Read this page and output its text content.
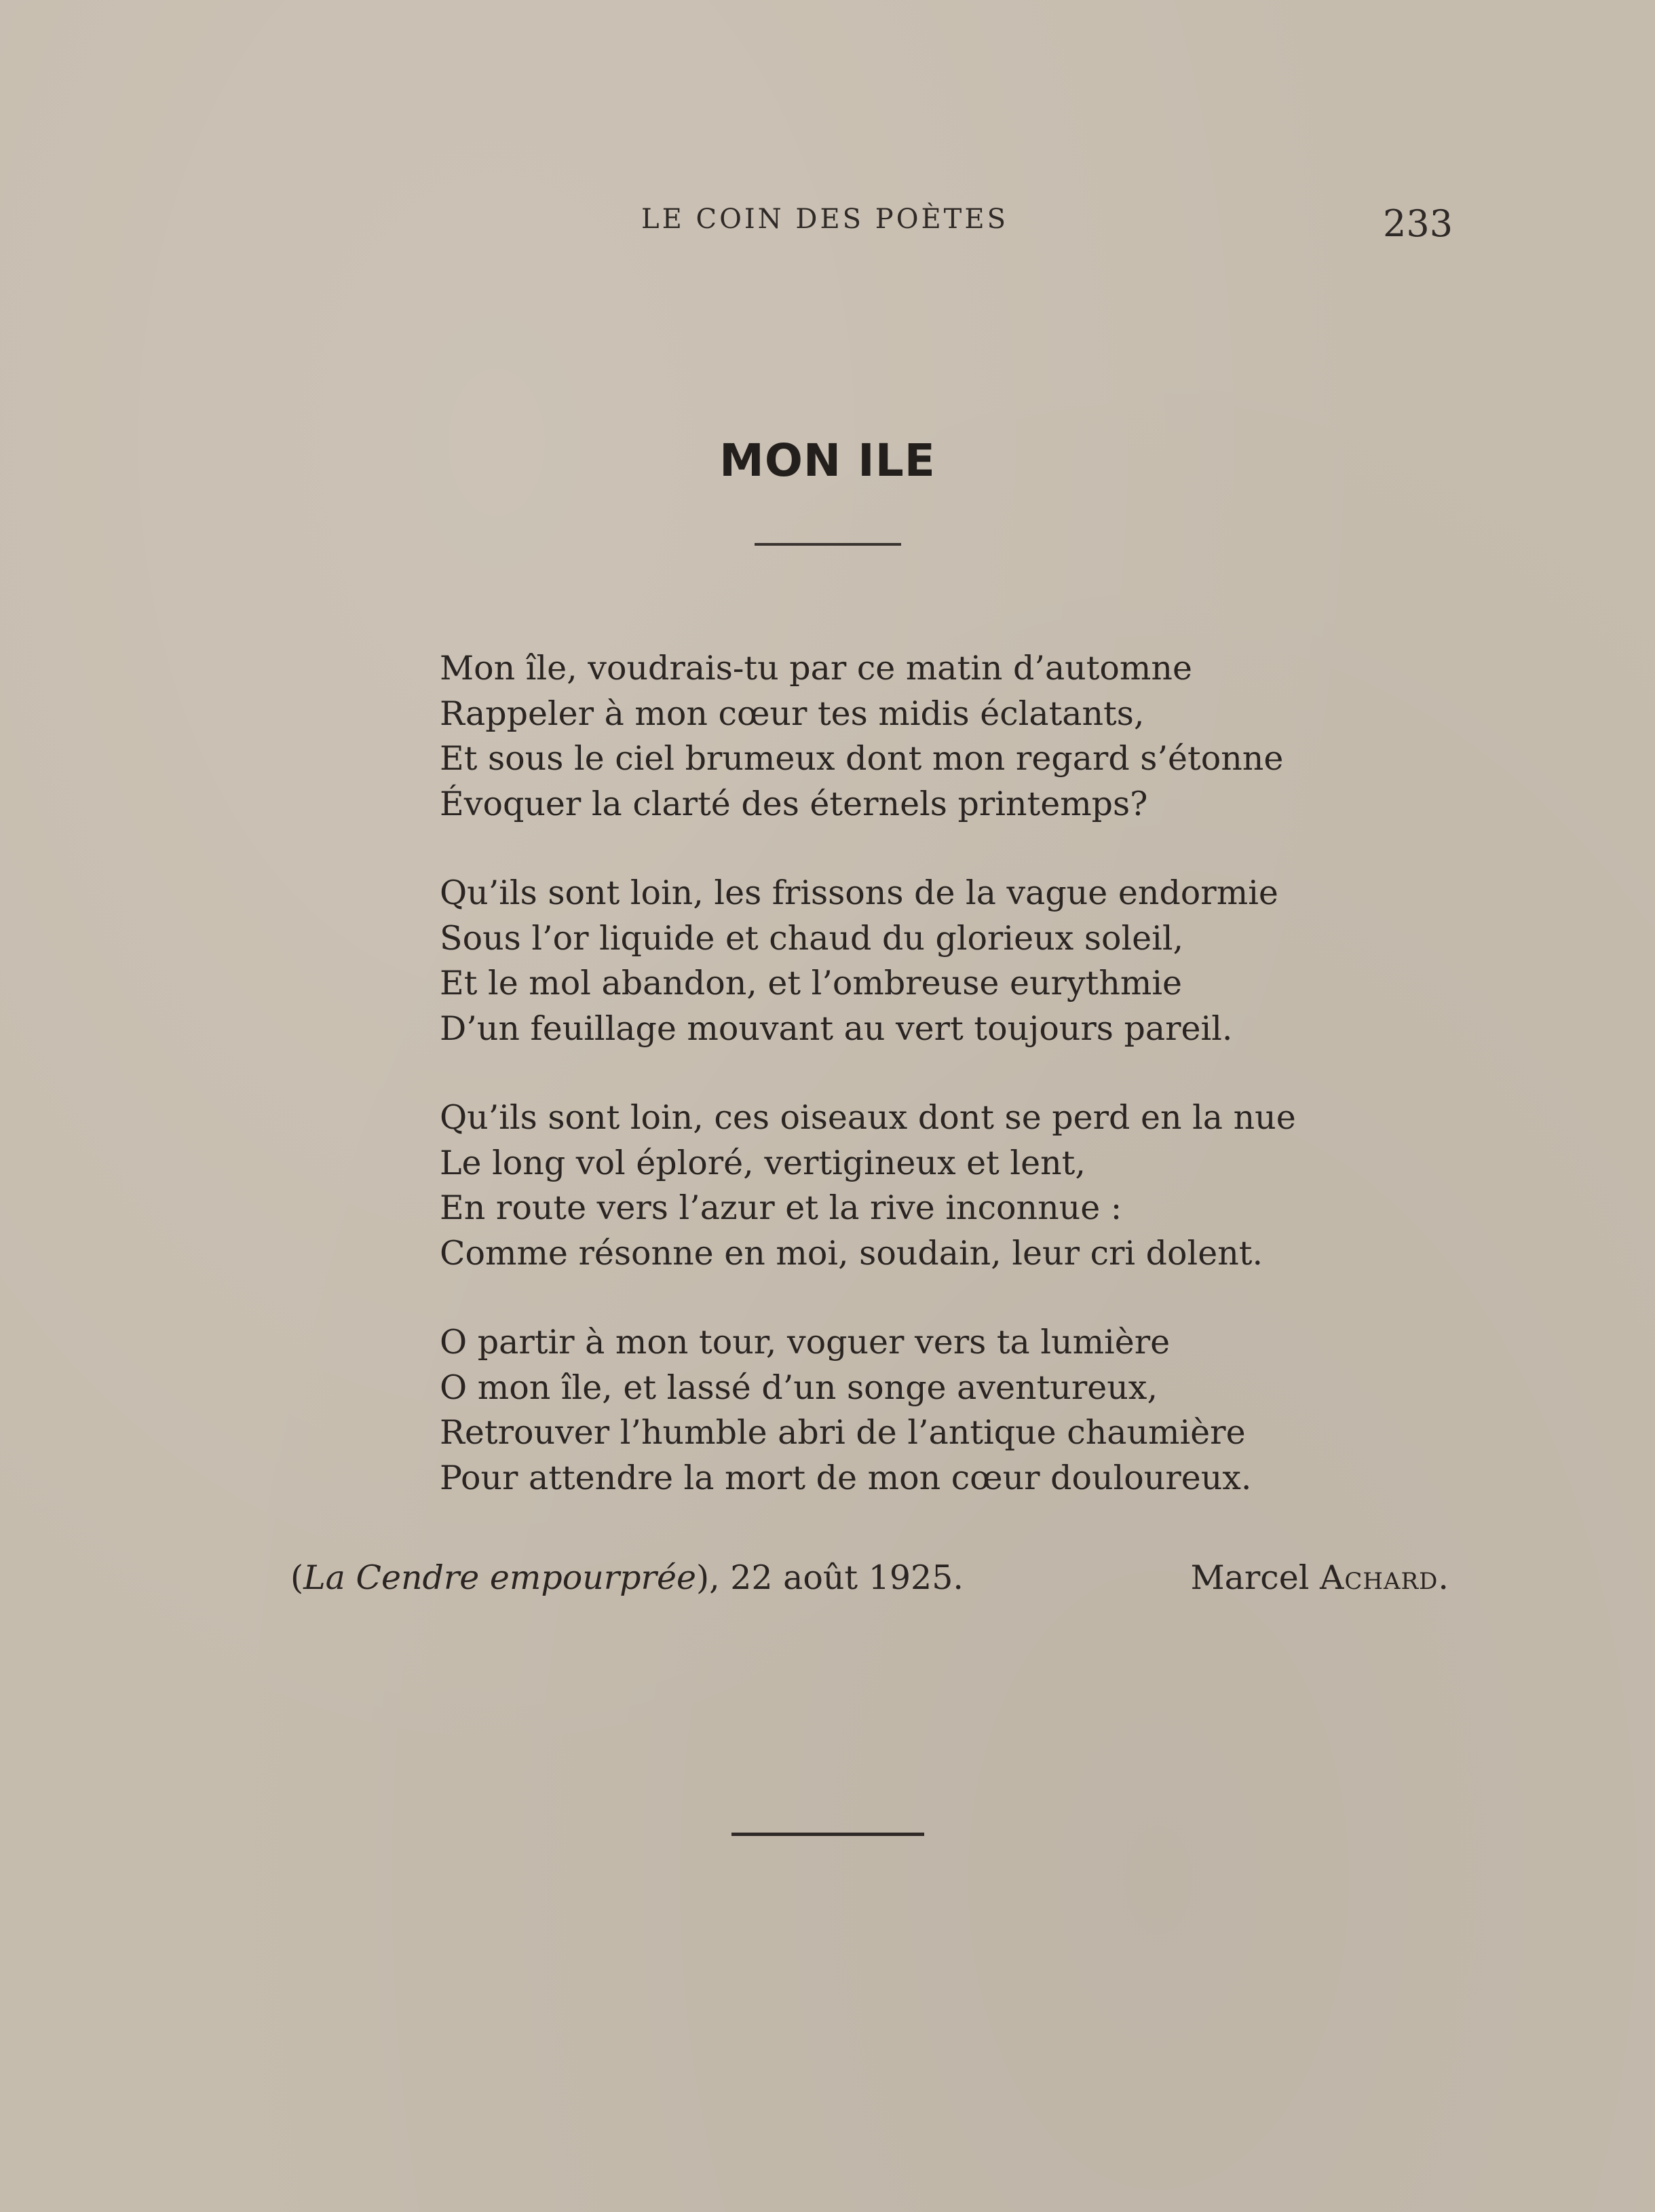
LE COIN DES POÈTES	233
MON ILE
Mon île, voudrais-tu par ce matin d’automne
Rappeler à mon cœur tes midis éclatants,
Et sous le ciel brumeux dont mon regard s’étonne
Évoquer la clarté des éternels printemps?
Qu’ils sont loin, les frissons de la vague endormie
Sous l’or liquide et chaud du glorieux soleil,
Et le mol abandon, et l’ombreuse eurythmie
D’un feuillage mouvant au vert toujours pareil.
Qu’ils sont loin, ces oiseaux dont se perd en la nue
Le long vol éploré, vertigineux et lent,
En route vers l’azur et la rive inconnue :
Comme résonne en moi, soudain, leur cri dolent.
O partir à mon tour, voguer vers ta lumière
O mon île, et lassé d’un songe aventureux,
Retrouver l’humble abri de l’antique chaumière
Pour attendre la mort de mon cœur douloureux.
(La Cendre empourprée), 22 août 1925.	Marcel Achard.
